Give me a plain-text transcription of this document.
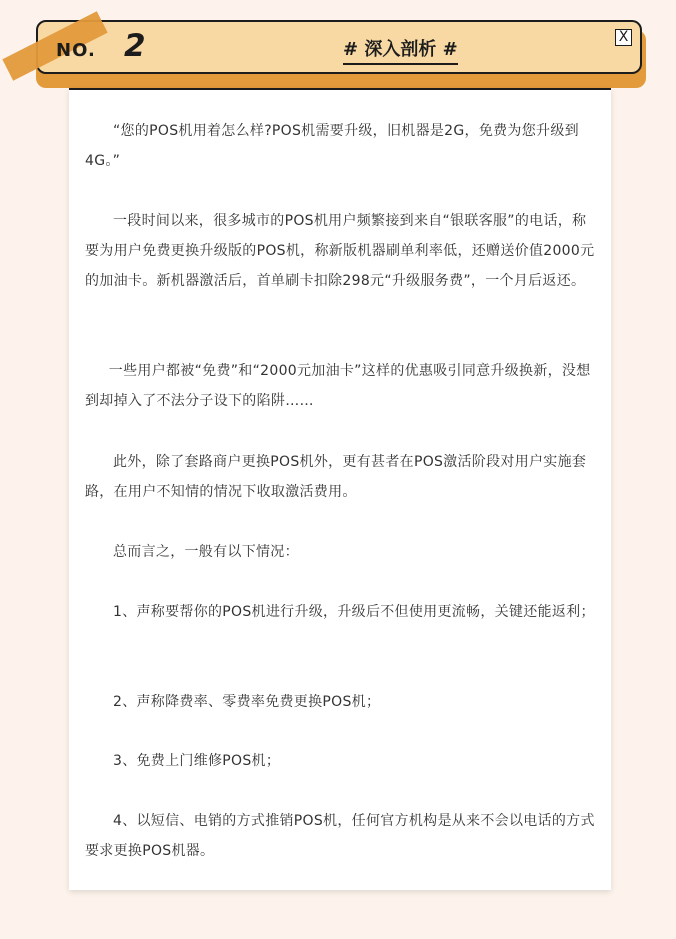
NO. 2	# 深入剖析 #
X

“您的POS机用着怎么样?POS机需要升级，旧机器是2G，免费为您升级到4G。”

一段时间以来，很多城市的POS机用户频繁接到来自“银联客服”的电话，称要为用户免费更换升级版的POS机，称新版机器刷单利率低，还赠送价值2000元的加油卡。新机器激活后，首单刷卡扣除298元“升级服务费”，一个月后返还。

一些用户都被“免费”和“2000元加油卡”这样的优惠吸引同意升级换新，没想到却掉入了不法分子设下的陷阱……

此外，除了套路商户更换POS机外，更有甚者在POS激活阶段对用户实施套路，在用户不知情的情况下收取激活费用。

总而言之，一般有以下情况：

1、声称要帮你的POS机进行升级，升级后不但使用更流畅，关键还能返利；

2、声称降费率、零费率免费更换POS机；

3、免费上门维修POS机；

4、以短信、电销的方式推销POS机，任何官方机构是从来不会以电话的方式要求更换POS机器。
